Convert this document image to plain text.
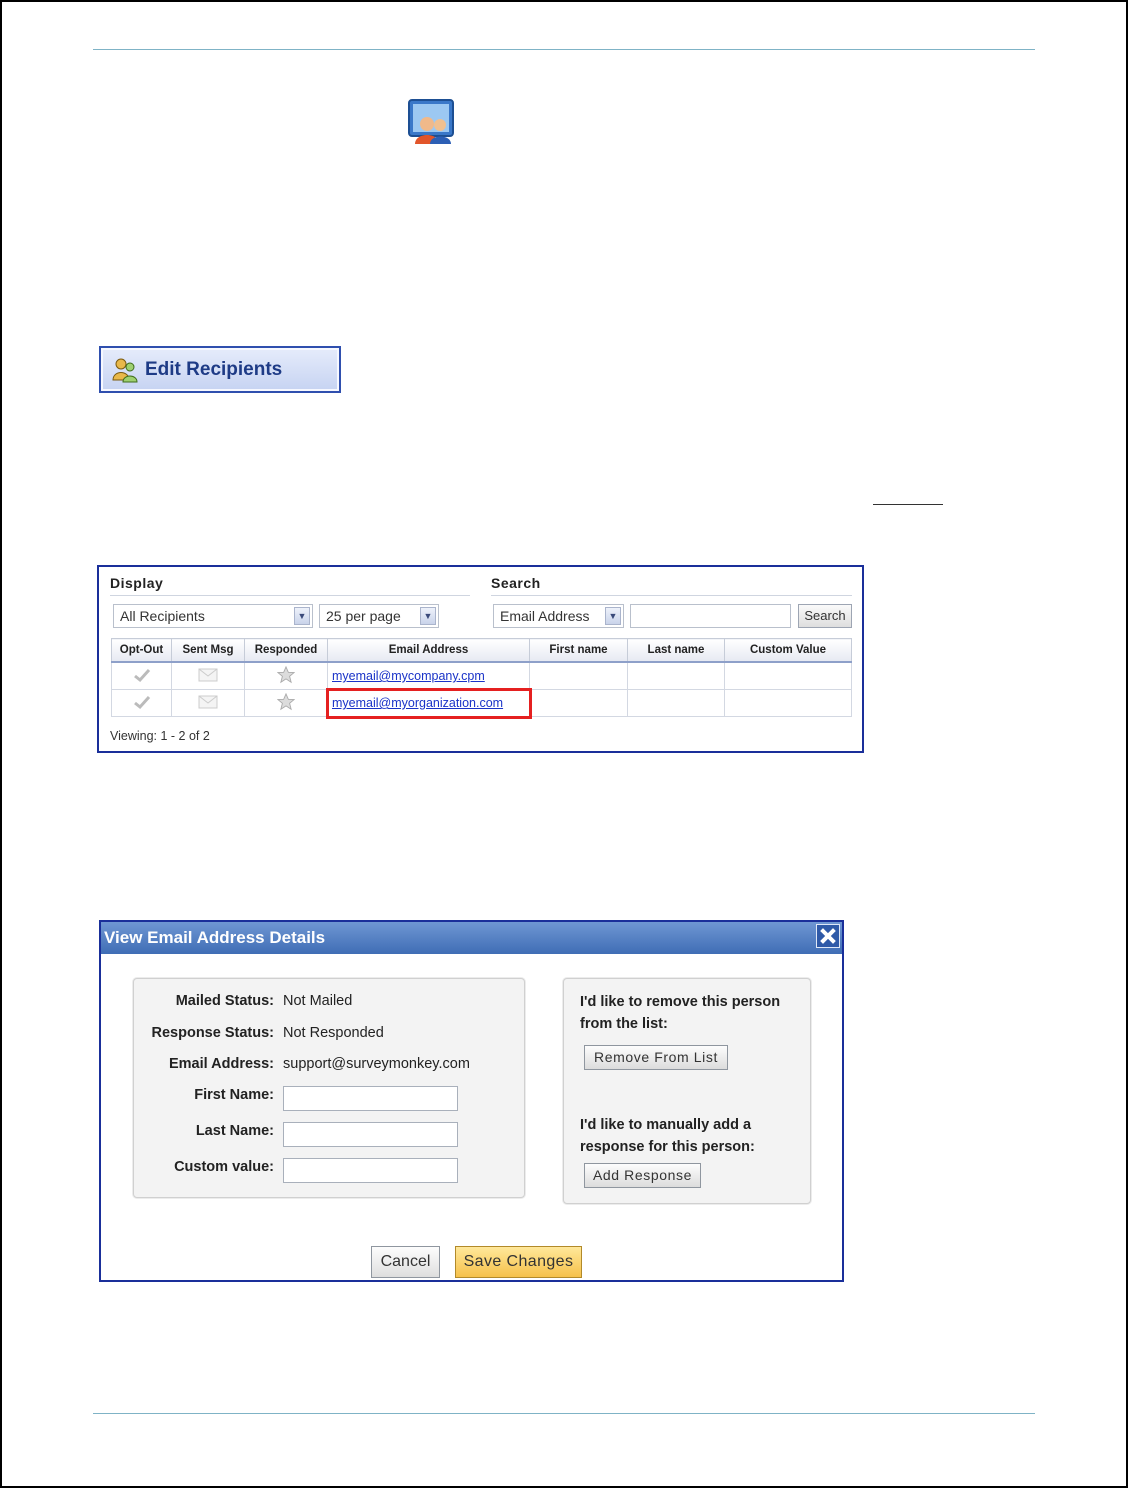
Edit Recipients
Display	Search
All Recipients	▼	25 per page	▼	Email Address	▼	Search
Opt-Out	Sent Msg	Responded	Email Address	First name	Last name	Custom Value
			myemail@mycompany.cpm			
			myemail@myorganization.com			
Viewing: 1 - 2 of 2
View Email Address Details
Mailed Status: Not Mailed
Response Status: Not Responded
Email Address: support@surveymonkey.com
First Name:
Last Name:
Custom value:
I'd like to remove this person
from the list:
Remove From List
I'd like to manually add a
response for this person:
Add Response
Cancel	Save Changes
